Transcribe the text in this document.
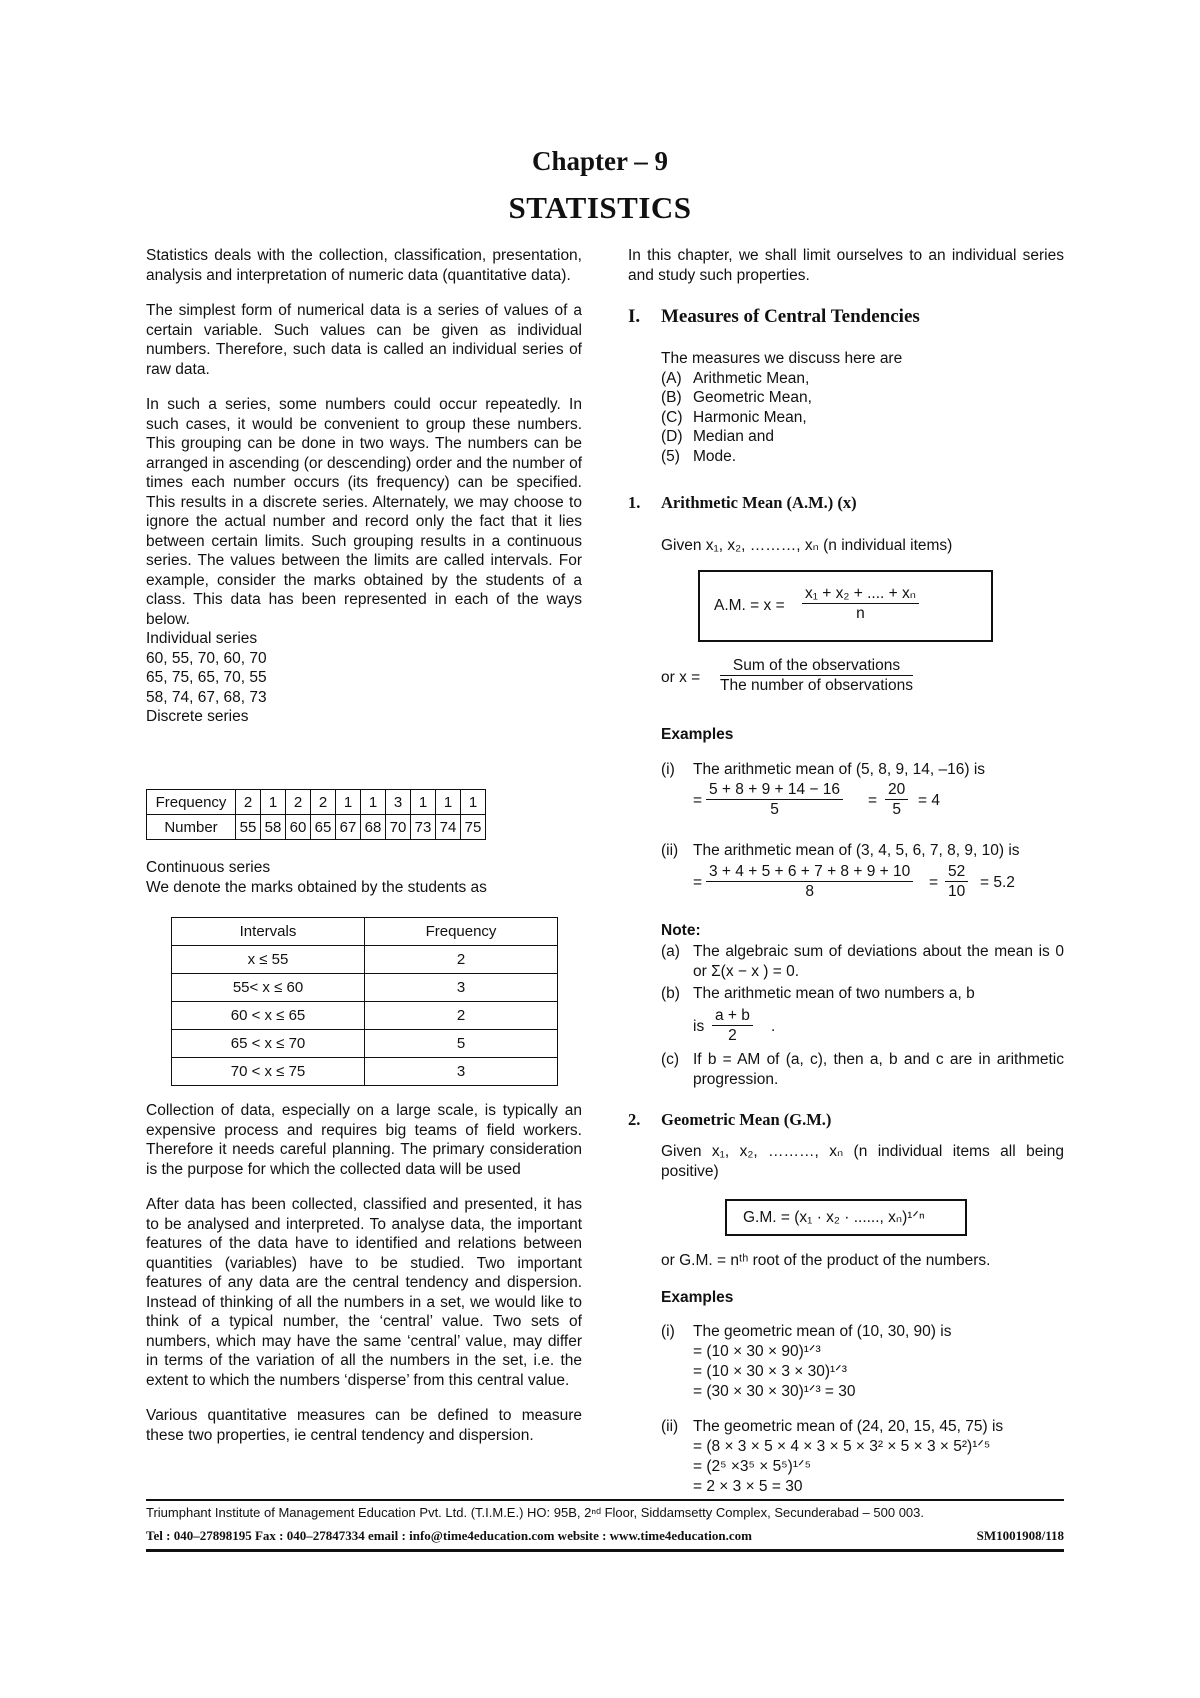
Chapter – 9
STATISTICS

Statistics deals with the collection, classification, presentation, analysis and interpretation of numeric data (quantitative data).

The simplest form of numerical data is a series of values of a certain variable. Such values can be given as individual numbers. Therefore, such data is called an individual series of raw data.

In such a series, some numbers could occur repeatedly. In such cases, it would be convenient to group these numbers. This grouping can be done in two ways. The numbers can be arranged in ascending (or descending) order and the number of times each number occurs (its frequency) can be specified. This results in a discrete series. Alternately, we may choose to ignore the actual number and record only the fact that it lies between certain limits. Such grouping results in a continuous series. The values between the limits are called intervals. For example, consider the marks obtained by the students of a class. This data has been represented in each of the ways below.

Individual series
60, 55, 70, 60, 70
65, 75, 65, 70, 55
58, 74, 67, 68, 73
Discrete series
Frequency	2	1	2	2	1	1	3	1	1	1
Number	55	58	60	65	67	68	70	73	74	75
Continuous series
We denote the marks obtained by the students as
Intervals	Frequency
x ≤ 55	2
55< x ≤ 60	3
60 < x ≤ 65	2
65 < x ≤ 70	5
70 < x ≤ 75	3

Collection of data, especially on a large scale, is typically an expensive process and requires big teams of field workers. Therefore it needs careful planning. The primary consideration is the purpose for which the collected data will be used

After data has been collected, classified and presented, it has to be analysed and interpreted. To analyse data, the important features of the data have to identified and relations between quantities (variables) have to be studied. Two important features of any data are the central tendency and dispersion. Instead of thinking of all the numbers in a set, we would like to think of a typical number, the ‘central’ value. Two sets of numbers, which may have the same ‘central’ value, may differ in terms of the variation of all the numbers in the set, i.e. the extent to which the numbers ‘disperse’ from this central value.

Various quantitative measures can be defined to measure these two properties, ie central tendency and dispersion.

In this chapter, we shall limit ourselves to an individual series and study such properties.

I. Measures of Central Tendencies
The measures we discuss here are
(A) Arithmetic Mean,
(B) Geometric Mean,
(C) Harmonic Mean,
(D) Median and
(5) Mode.
1. Arithmetic Mean (A.M.) (x)
Given x₁, x₂, ………, xₙ (n individual items)
A.M. = $x = \frac{\text{x₁ + x₂ + .... + xₙ}}{n}$
or x =
Sum of the observations
The number of observations
Examples
(i) The arithmetic mean of (5, 8, 9, 14, –16) is
= $\frac{5 + 8 + 9 + 14 - 16}{5} = \frac{20}{5} = 4$
(ii) The arithmetic mean of (3, 4, 5, 6, 7, 8, 9, 10) is
= $\frac{3 + 4 + 5 + 6 + 7 + 8 + 9 + 10}{8} = \frac{52}{10} = 5.2$
Note:
(a) The algebraic sum of deviations about the mean is 0 or Σ(x − x ) = 0.
(b) The arithmetic mean of two numbers a, b
is $\frac{a + b}{2}$ .
(c) If b = AM of (a, c), then a, b and c are in arithmetic progression.
2. Geometric Mean (G.M.)
Given x₁, x₂, ………, xₙ (n individual items all being positive)
G.M. = (x₁ · x₂ · ......, xₙ)¹ᐟⁿ
or G.M. = nᵗʰ root of the product of the numbers.
Examples
(i) The geometric mean of (10, 30, 90) is
= (10 × 30 × 90)¹ᐟ³
= (10 × 30 × 3 × 30)¹ᐟ³
= (30 × 30 × 30)¹ᐟ³ = 30
(ii) The geometric mean of (24, 20, 15, 45, 75) is
= (8 × 3 × 5 × 4 × 3 × 5 × 3² × 5 × 3 × 5²)¹ᐟ⁵
= (2⁵ ×3⁵ × 5⁵)¹ᐟ⁵
= 2 × 3 × 5 = 30
Triumphant Institute of Management Education Pvt. Ltd. (T.I.M.E.) HO: 95B, 2ⁿᵈ Floor, Siddamsetty Complex, Secunderabad – 500 003.
Tel : 040–27898195 Fax : 040–27847334 email : info@time4education.com website : www.time4education.com	SM1001908/118
